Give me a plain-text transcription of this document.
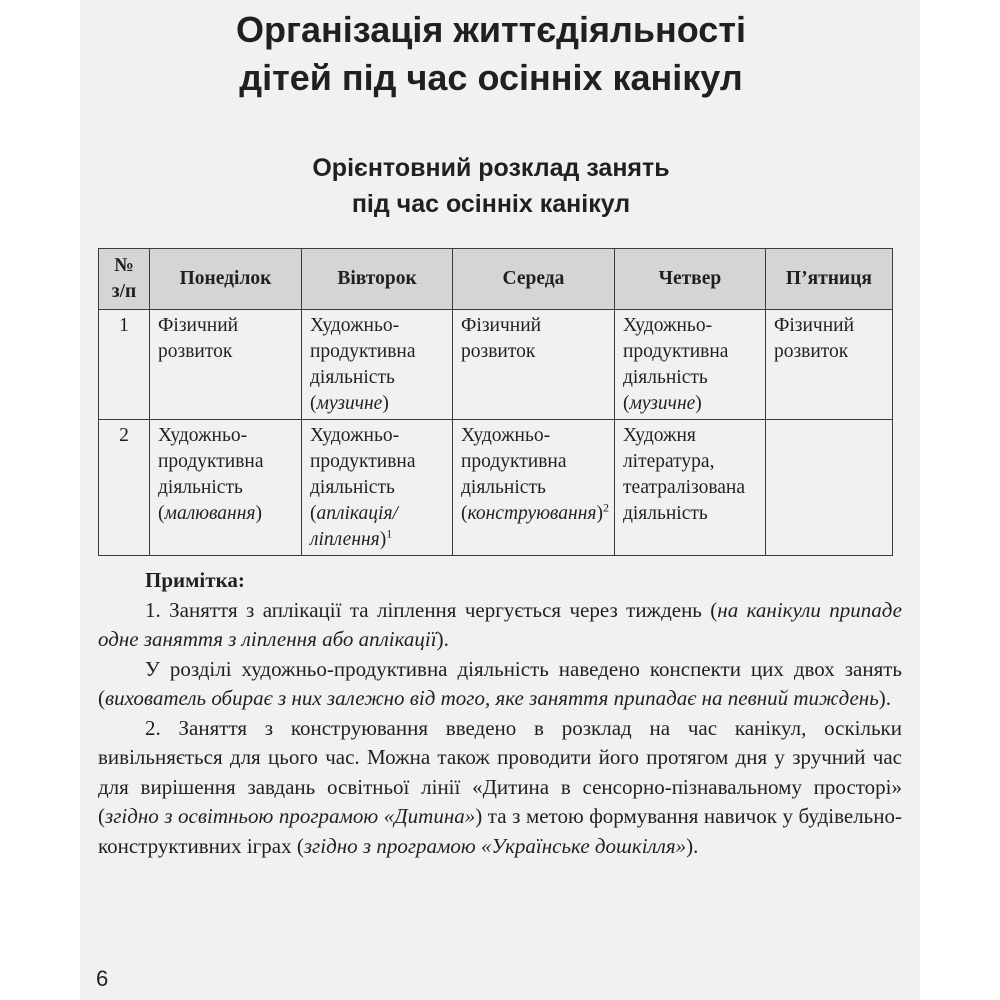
Організація життєдіяльності
дітей під час осінніх канікул
Орієнтовний розклад занять
під час осінніх канікул
№
з/п	Понеділок	Вівторок	Середа	Четвер	П’ятниця
1	Фізичний розвиток	Художньо-продуктивна діяльність (музичне)	Фізичний розвиток	Художньо-продуктивна діяльність (музичне)	Фізичний розвиток
2	Художньо-продуктивна діяльність (малювання)	Художньо-продуктивна діяльність (аплікація/ ліплення)$^1$	Художньо-продуктивна діяльність (конструювання)$^2$	Художня література, театралізована діяльність	

Примітка:

1. Заняття з аплікації та ліплення чергується через тиждень (на канікули припаде одне заняття з ліплення або аплікації).

У розділі художньо-продуктивна діяльність наведено конспекти цих двох занять (вихователь обирає з них залежно від того, яке заняття припадає на певний тиждень).

2. Заняття з конструювання введено в розклад на час канікул, оскільки вивільняється для цього час. Можна також проводити його протягом дня у зручний час для вирішення завдань освітньої лінії «Дитина в сенсорно-пізнавальному просторі» (згідно з освітньою програмою «Дитина») та з метою формування навичок у будівельно-конструктивних іграх (згідно з програмою «Українське дошкілля»).

6
